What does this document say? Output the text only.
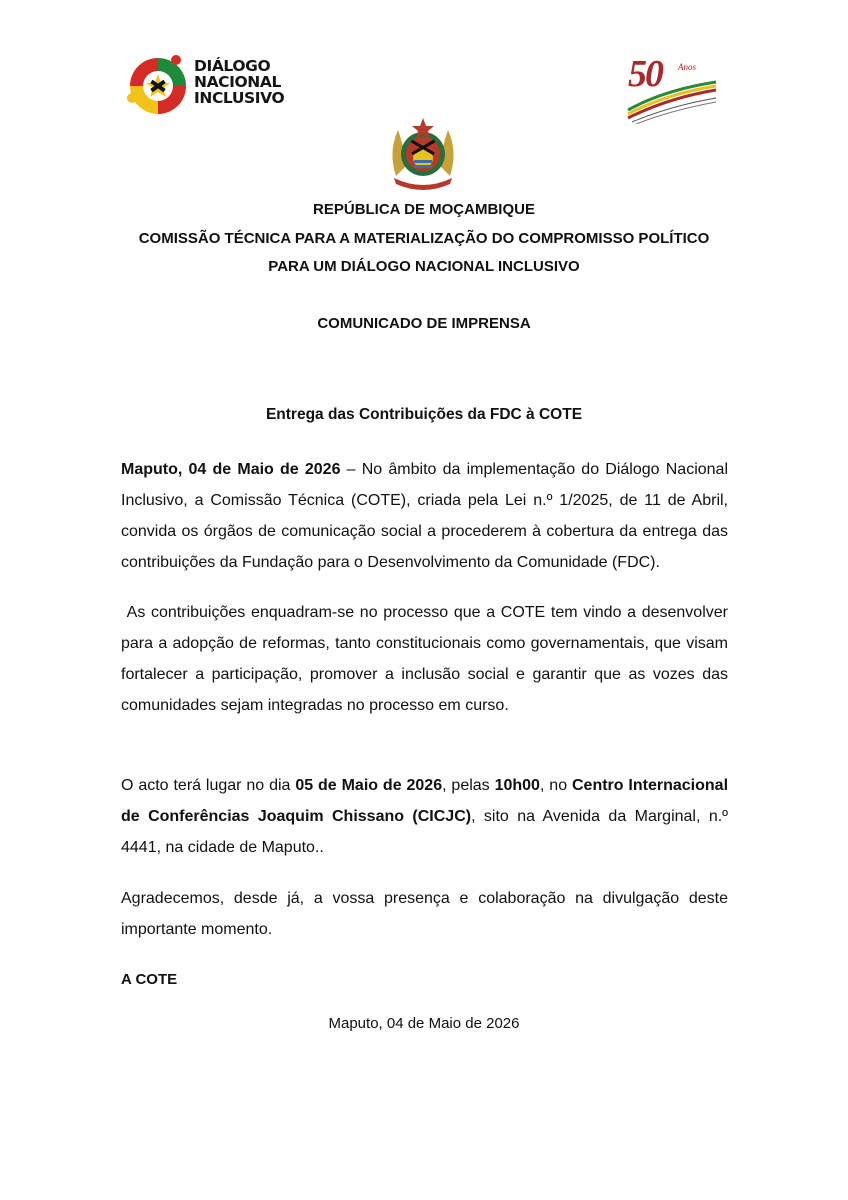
DIÁLOGO
NACIONAL
INCLUSIVO
50 Anos
REPÚBLICA DE MOÇAMBIQUE
COMISSÃO TÉCNICA PARA A MATERIALIZAÇÃO DO COMPROMISSO POLÍTICO
PARA UM DIÁLOGO NACIONAL INCLUSIVO
COMUNICADO DE IMPRENSA
Entrega das Contribuições da FDC à COTE
Maputo, 04 de Maio de 2026 – No âmbito da implementação do Diálogo Nacional Inclusivo, a Comissão Técnica (COTE), criada pela Lei n.º 1/2025, de 11 de Abril, convida os órgãos de comunicação social a procederem à cobertura da entrega das contribuições da Fundação para o Desenvolvimento da Comunidade (FDC).
As contribuições enquadram-se no processo que a COTE tem vindo a desenvolver para a adopção de reformas, tanto constitucionais como governamentais, que visam fortalecer a participação, promover a inclusão social e garantir que as vozes das comunidades sejam integradas no processo em curso.
O acto terá lugar no dia 05 de Maio de 2026, pelas 10h00, no Centro Internacional de Conferências Joaquim Chissano (CICJC), sito na Avenida da Marginal, n.º 4441, na cidade de Maputo..
Agradecemos, desde já, a vossa presença e colaboração na divulgação deste importante momento.
A COTE
Maputo, 04 de Maio de 2026
